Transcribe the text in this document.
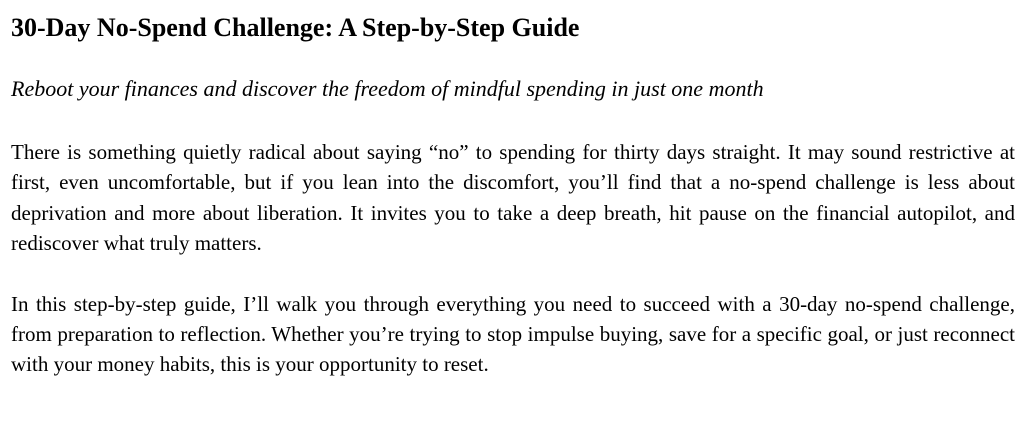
30-Day No-Spend Challenge: A Step-by-Step Guide

Reboot your finances and discover the freedom of mindful spending in just one month

There is something quietly radical about saying “no” to spending for thirty days straight. It may sound restrictive at first, even uncomfortable, but if you lean into the discomfort, you’ll find that a no-spend challenge is less about deprivation and more about liberation. It invites you to take a deep breath, hit pause on the financial autopilot, and rediscover what truly matters.

In this step-by-step guide, I’ll walk you through everything you need to succeed with a 30-day no-spend challenge, from preparation to reflection. Whether you’re trying to stop impulse buying, save for a specific goal, or just reconnect with your money habits, this is your opportunity to reset.
